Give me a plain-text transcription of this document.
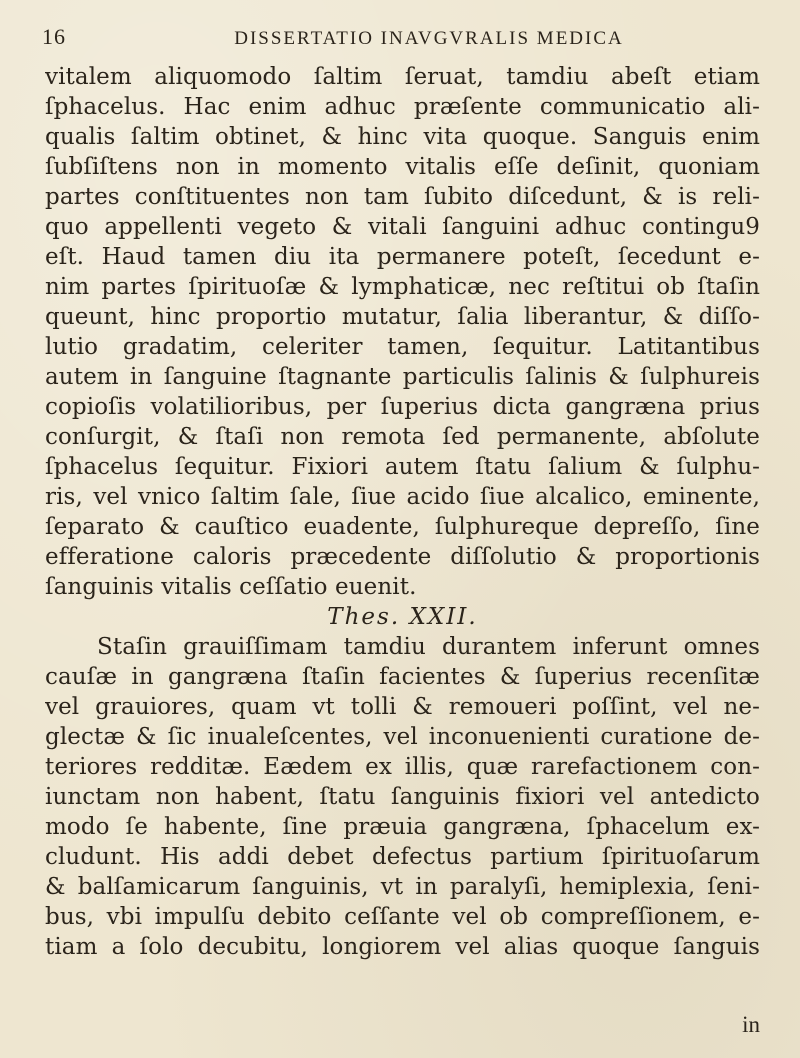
16	DISSERTATIO INAVGVRALIS MEDICA
vitalem aliquomodo ſaltim ſeruat, tamdiu abeſt etiam
ſphacelus. Hac enim adhuc præſente communicatio ali-
qualis ſaltim obtinet, & hinc vita quoque. Sanguis enim
ſubſiſtens non in momento vitalis eſſe deſinit, quoniam
partes conſtituentes non tam ſubito diſcedunt, & is reli-
quo appellenti vegeto & vitali ſanguini adhuc contingu9
eſt. Haud tamen diu ita permanere poteſt, ſecedunt e-
nim partes ſpirituoſæ & lymphaticæ, nec reſtitui ob ſtaſin
queunt, hinc proportio mutatur, ſalia liberantur, & diſſo-
lutio gradatim, celeriter tamen, ſequitur. Latitantibus
autem in ſanguine ſtagnante particulis ſalinis & ſulphureis
copioſis volatilioribus, per ſuperius dicta gangræna prius
conſurgit, & ſtaſi non remota ſed permanente, abſolute
ſphacelus ſequitur. Fixiori autem ſtatu ſalium & ſulphu-
ris, vel vnico ſaltim ſale, ſiue acido ſiue alcalico, eminente,
ſeparato & cauſtico euadente, ſulphureque depreſſo, ſine
efferatione caloris præcedente diſſolutio & proportionis
ſanguinis vitalis ceſſatio euenit.
Thes. XXII.
Staſin grauiſſimam tamdiu durantem inferunt omnes
cauſæ in gangræna ſtaſin facientes & ſuperius recenſitæ
vel grauiores, quam vt tolli & remoueri poſſint, vel ne-
glectæ & ſic inualeſcentes, vel inconuenienti curatione de-
teriores redditæ. Eædem ex illis, quæ rarefactionem con-
iunctam non habent, ſtatu ſanguinis fixiori vel antedicto
modo ſe habente, ſine præuia gangræna, ſphacelum ex-
cludunt. His addi debet defectus partium ſpirituoſarum
& balſamicarum ſanguinis, vt in paralyſi, hemiplexia, ſeni-
bus, vbi impulſu debito ceſſante vel ob compreſſionem, e-
tiam a ſolo decubitu, longiorem vel alias quoque ſanguis
in
